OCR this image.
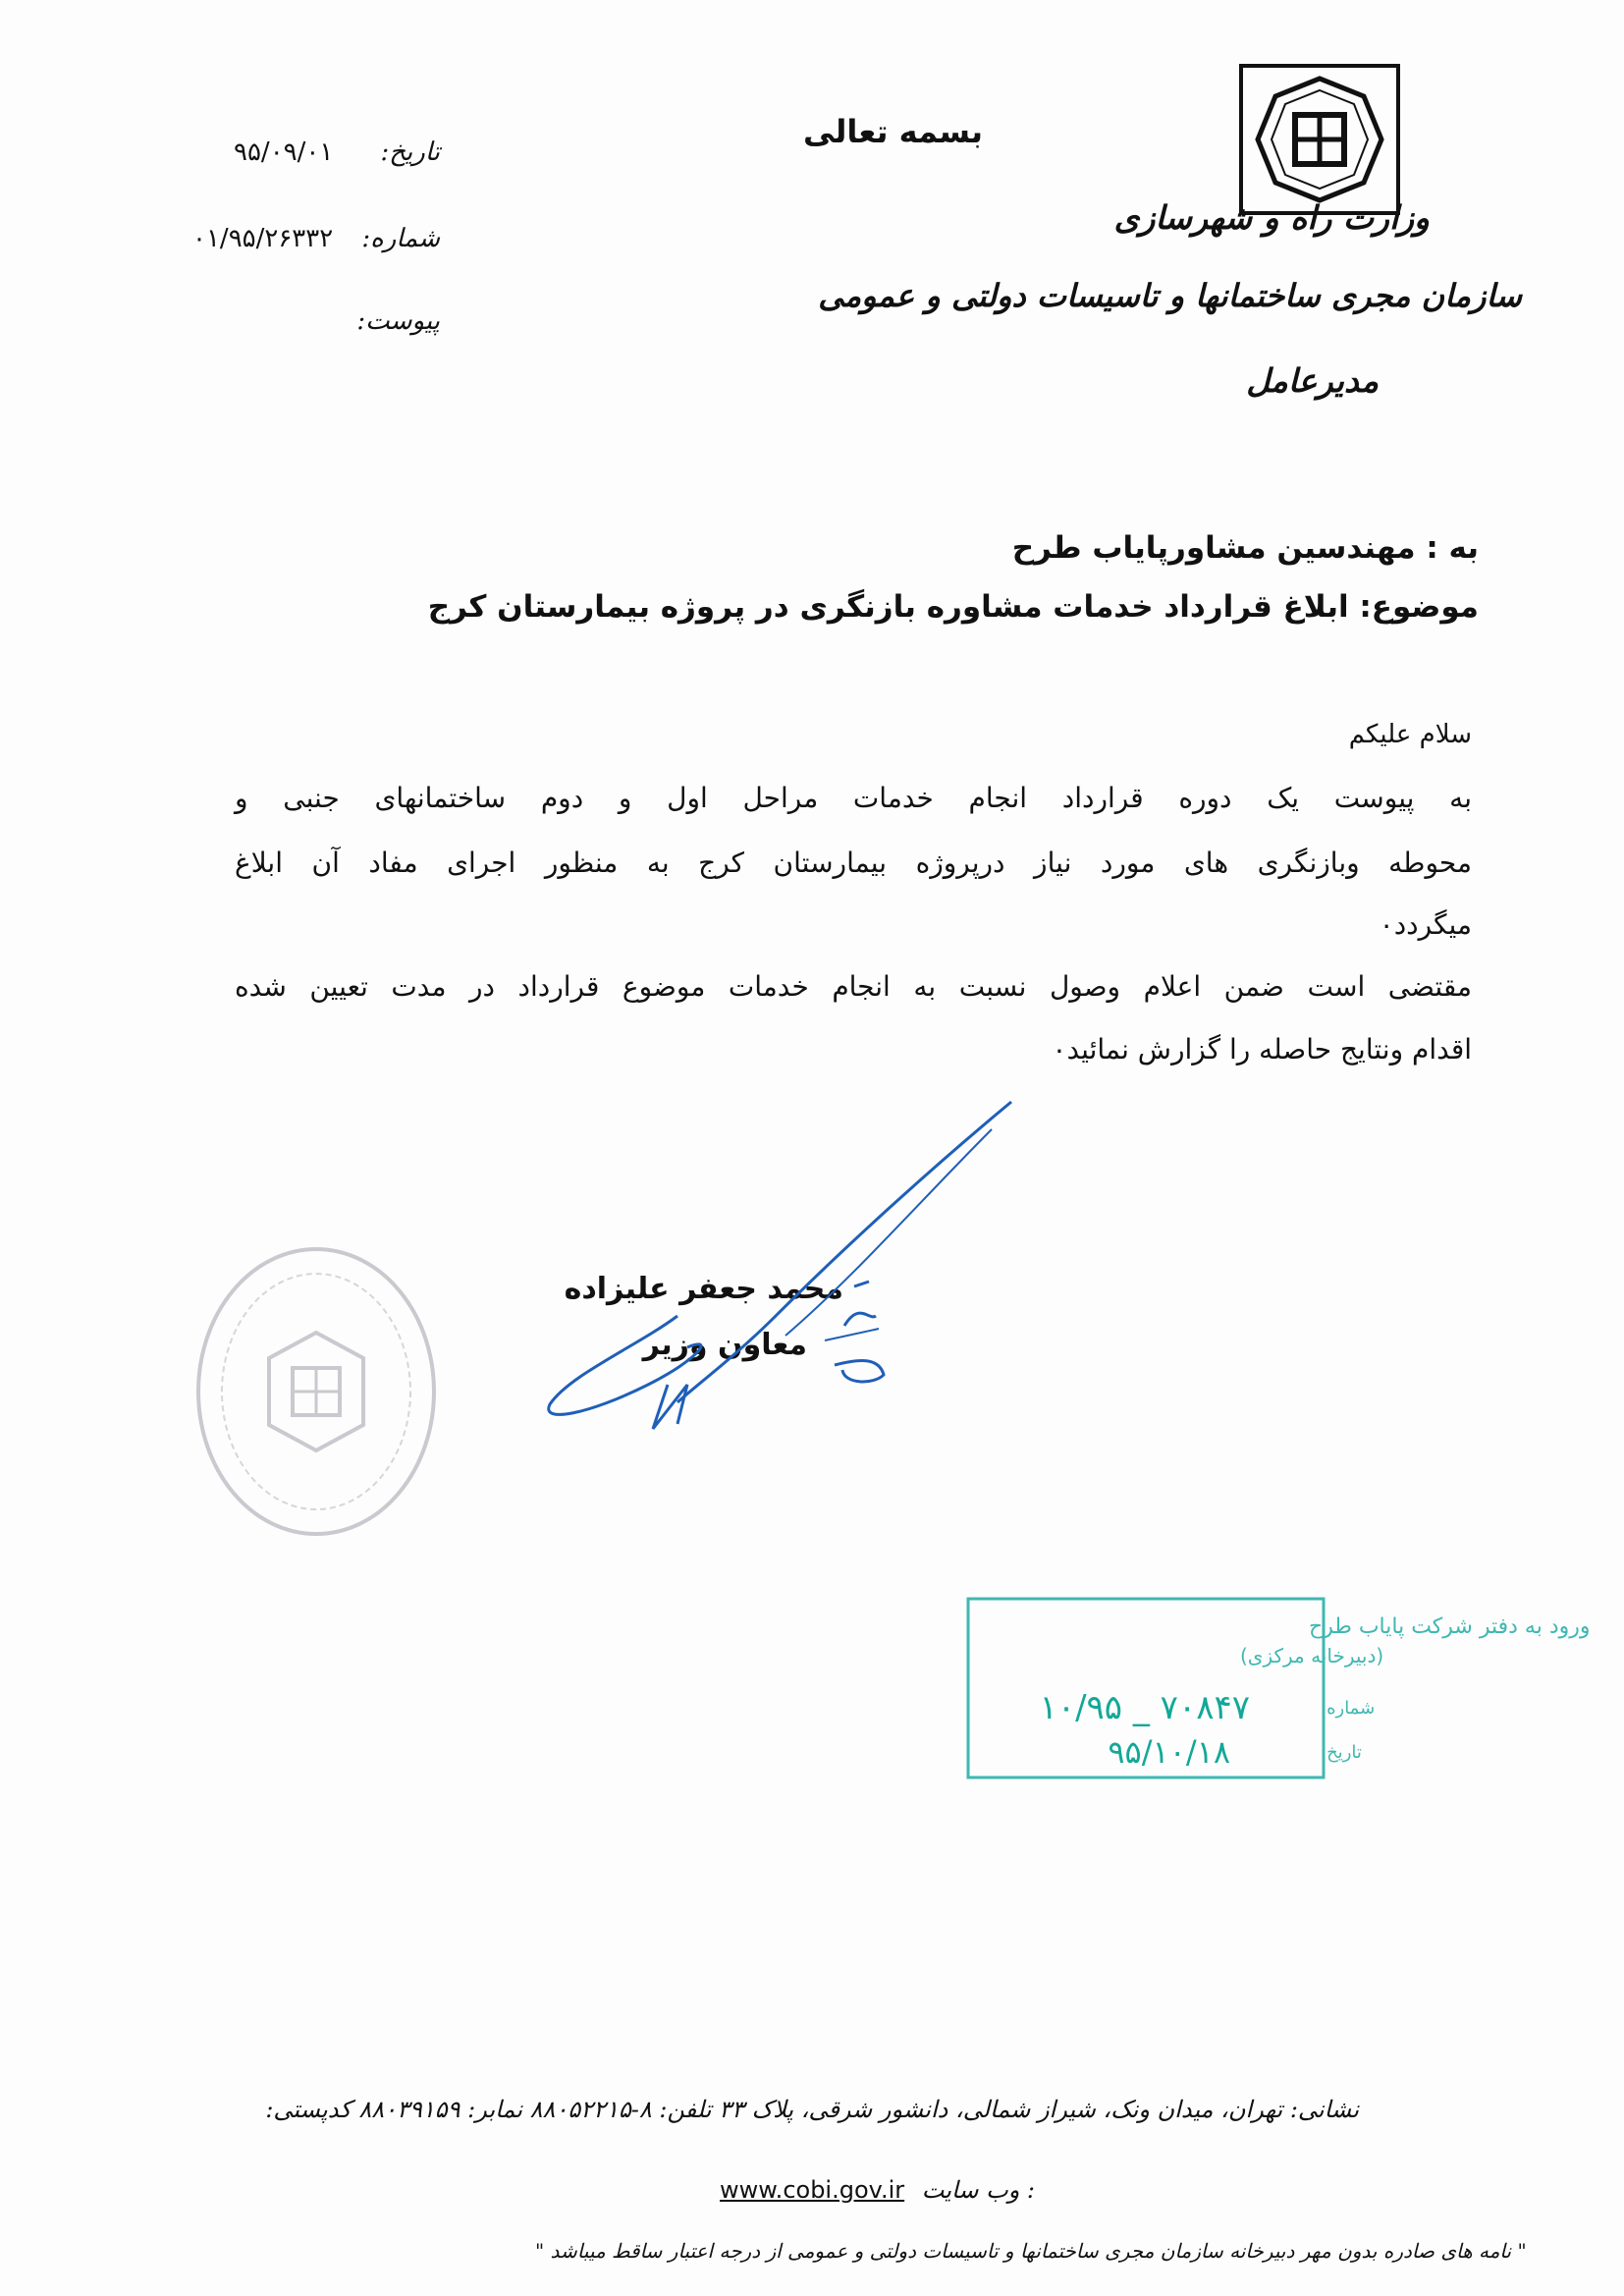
وزارت راه و شهرسازی
سازمان مجری ساختمانها و تاسیسات دولتی و عمومی
مدیرعامل
بسمه تعالی
تاریخ:
۹۵/۰۹/۰۱
شماره:
۰۱/۹۵/۲۶۳۳۲
پیوست:
به : مهندسین مشاورپایاب طرح
موضوع: ابلاغ قرارداد خدمات مشاوره بازنگری در پروژه بیمارستان کرج
سلام علیکم
به پیوست یک دوره قرارداد انجام خدمات مراحل اول و دوم ساختمانهای جنبی و
محوطه وبازنگری های مورد نیاز درپروژه بیمارستان کرج به منظور اجرای مفاد آن ابلاغ
میگردد۰
مقتضی است ضمن اعلام وصول نسبت به انجام خدمات موضوع قرارداد در مدت تعیین شده
اقدام ونتایج حاصله را گزارش نمائید۰
محمد جعفر علیزاده
معاون وزیر
ورود به دفتر شرکت پایاب طرح
(دبیرخانه مرکزی)
شماره:
۱۰/۹۵ _ ۷۰۸۴۷
تاریخ:
۹۵/۱۰/۱۸
نشانی: تهران، میدان ونک، شیراز شمالی، دانشور شرقی، پلاک ۳۳ تلفن: ۸-۸۸۰۵۲۲۱۵ نمابر: ۸۸۰۳۹۱۵۹ کدپستی:
www.cobi.gov.ir وب سایت :
" نامه های صادره بدون مهر دبیرخانه سازمان مجری ساختمانها و تاسیسات دولتی و عمومی از درجه اعتبار ساقط میباشد "
